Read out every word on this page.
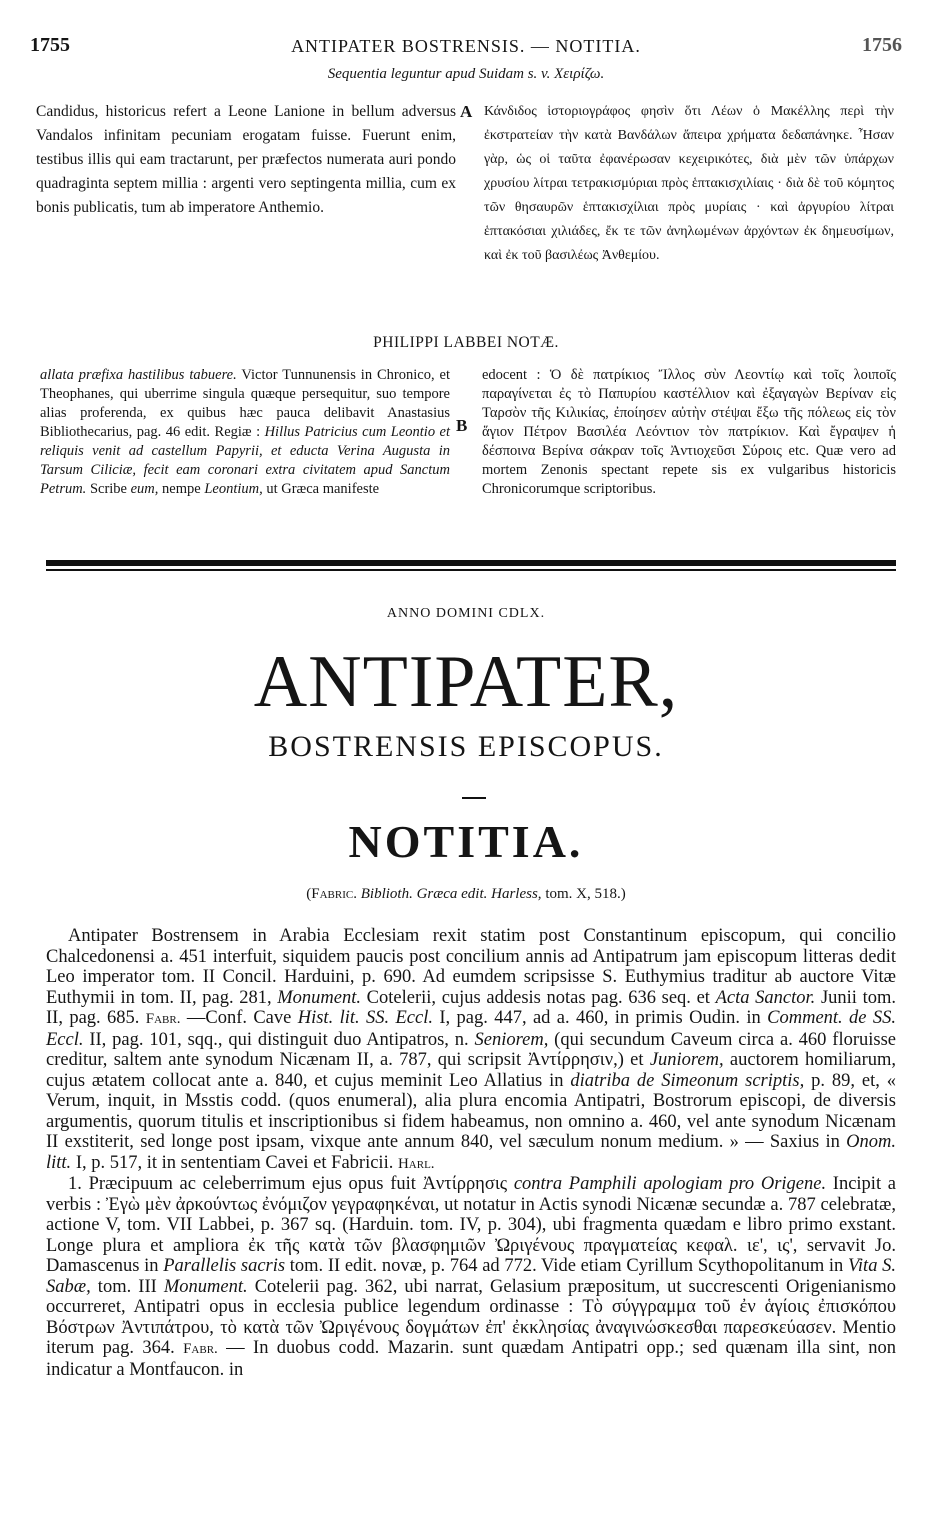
1755	ANTIPATER BOSTRENSIS. — NOTITIA.	1756
Sequentia leguntur apud Suidam s. v. Χειρίζω.
Candidus, historicus refert a Leone Lanione in bellum adversus Vandalos infinitam pecuniam erogatam fuisse. Fuerunt enim, testibus illis qui eam tractarunt, per præfectos numerata auri pondo quadraginta septem millia : argenti vero septingenta millia, cum ex bonis publicatis, tum ab imperatore Anthemio.
A Κάνδιδος ἱστοριογράφος φησὶν ὅτι Λέων ὁ Μακέλλης περὶ τὴν ἐκστρατείαν τὴν κατὰ Βανδάλων ἄπειρα χρήματα δεδαπάνηκε. Ἦσαν γὰρ, ὡς οἱ ταῦτα ἐφανέρωσαν κεχειρικότες, διὰ μὲν τῶν ὑπάρχων χρυσίου λίτραι τετρακισμύριαι πρὸς ἑπτακισχιλίαις · διὰ δὲ τοῦ κόμητος τῶν θησαυρῶν ἑπτακισχίλιαι πρὸς μυρίαις · καὶ ἀργυρίου λίτραι ἑπτακόσιαι χιλιάδες, ἔκ τε τῶν ἀνηλωμένων ἀρχόντων ἐκ δημευσίμων, καὶ ἐκ τοῦ βασιλέως Ἀνθεμίου.
PHILIPPI LABBEI NOTÆ.
allata præfixa hastilibus tabuere. Victor Tunnunensis in Chronico, et Theophanes, qui uberrime singula quæque persequitur, suo tempore alias proferenda, ex quibus hæc pauca delibavit Anastasius Bibliothecarius, pag. 46 edit. Regiæ : Hillus Patricius cum Leontio et reliquis venit ad castellum Papyrii, et educta Verina Augusta in Tarsum Ciliciæ, fecit eam coronari extra civitatem apud Sanctum Petrum. Scribe eum, nempe Leontium, ut Græca manifeste
B
edocent : Ὁ δὲ πατρίκιος Ἴλλος σὺν Λεοντίῳ καὶ τοῖς λοιποῖς παραγίνεται ἐς τὸ Παπυρίου καστέλλιον καὶ ἐξαγαγὼν Βερίναν εἰς Ταρσὸν τῆς Κιλικίας, ἐποίησεν αὐτὴν στέψαι ἔξω τῆς πόλεως εἰς τὸν ἅγιον Πέτρον Βασιλέα Λεόντιον τὸν πατρίκιον. Καὶ ἔγραψεν ἡ δέσποινα Βερίνα σάκραν τοῖς Ἀντιοχεῦσι Σύροις etc. Quæ vero ad mortem Zenonis spectant repete sis ex vulgaribus historicis Chronicorumque scriptoribus.
ANNO DOMINI CDLX.
ANTIPATER,
BOSTRENSIS EPISCOPUS.
NOTITIA.
(Fabric. Biblioth. Græca edit. Harless, tom. X, 518.)

Antipater Bostrensem in Arabia Ecclesiam rexit statim post Constantinum episcopum, qui concilio Chalcedonensi a. 451 interfuit, siquidem paucis post concilium annis ad Antipatrum jam episcopum litteras dedit Leo imperator tom. II Concil. Harduini, p. 690. Ad eumdem scripsisse S. Euthymius traditur ab auctore Vitæ Euthymii in tom. II, pag. 281, Monument. Cotelerii, cujus addesis notas pag. 636 seq. et Acta Sanctor. Junii tom. II, pag. 685. Fabr. —Conf. Cave Hist. lit. SS. Eccl. I, pag. 447, ad a. 460, in primis Oudin. in Comment. de SS. Eccl. II, pag. 101, sqq., qui distinguit duo Antipatros, n. Seniorem, (qui secundum Caveum circa a. 460 floruisse creditur, saltem ante synodum Nicænam II, a. 787, qui scripsit Ἀντίρρησιν,) et Juniorem, auctorem homiliarum, cujus ætatem collocat ante a. 840, et cujus meminit Leo Allatius in diatriba de Simeonum scriptis, p. 89, et, « Verum, inquit, in Msstis codd. (quos enumeral), alia plura encomia Antipatri, Bostrorum episcopi, de diversis argumentis, quorum titulis et inscriptionibus si fidem habeamus, non omnino a. 460, vel ante synodum Nicænam II exstiterit, sed longe post ipsam, vixque ante annum 840, vel sæculum nonum medium. » — Saxius in Onom. litt. I, p. 517, it in sententiam Cavei et Fabricii. Harl.

1. Præcipuum ac celeberrimum ejus opus fuit Ἀντίρρησις contra Pamphili apologiam pro Origene. Incipit a verbis : Ἐγὼ μὲν ἀρκούντως ἐνόμιζον γεγραφηκέναι, ut notatur in Actis synodi Nicænæ secundæ a. 787 celebratæ, actione V, tom. VII Labbei, p. 367 sq. (Harduin. tom. IV, p. 304), ubi fragmenta quædam e libro primo exstant. Longe plura et ampliora ἐκ τῆς κατὰ τῶν βλασφημιῶν Ὠριγένους πραγματείας κεφαλ. ιε', ις', servavit Jo. Damascenus in Parallelis sacris tom. II edit. novæ, p. 764 ad 772. Vide etiam Cyrillum Scythopolitanum in Vita S. Sabæ, tom. III Monument. Cotelerii pag. 362, ubi narrat, Gelasium præpositum, ut succrescenti Origenianismo occurreret, Antipatri opus in ecclesia publice legendum ordinasse : Τὸ σύγγραμμα τοῦ ἐν ἁγίοις ἐπισκόπου Βόστρων Ἀντιπάτρου, τὸ κατὰ τῶν Ὠριγένους δογμάτων ἐπ' ἐκκλησίας ἀναγινώσκεσθαι παρεσκεύασεν. Mentio iterum pag. 364. Fabr. — In duobus codd. Mazarin. sunt quædam Antipatri opp.; sed quænam illa sint, non indicatur a Montfaucon. in
